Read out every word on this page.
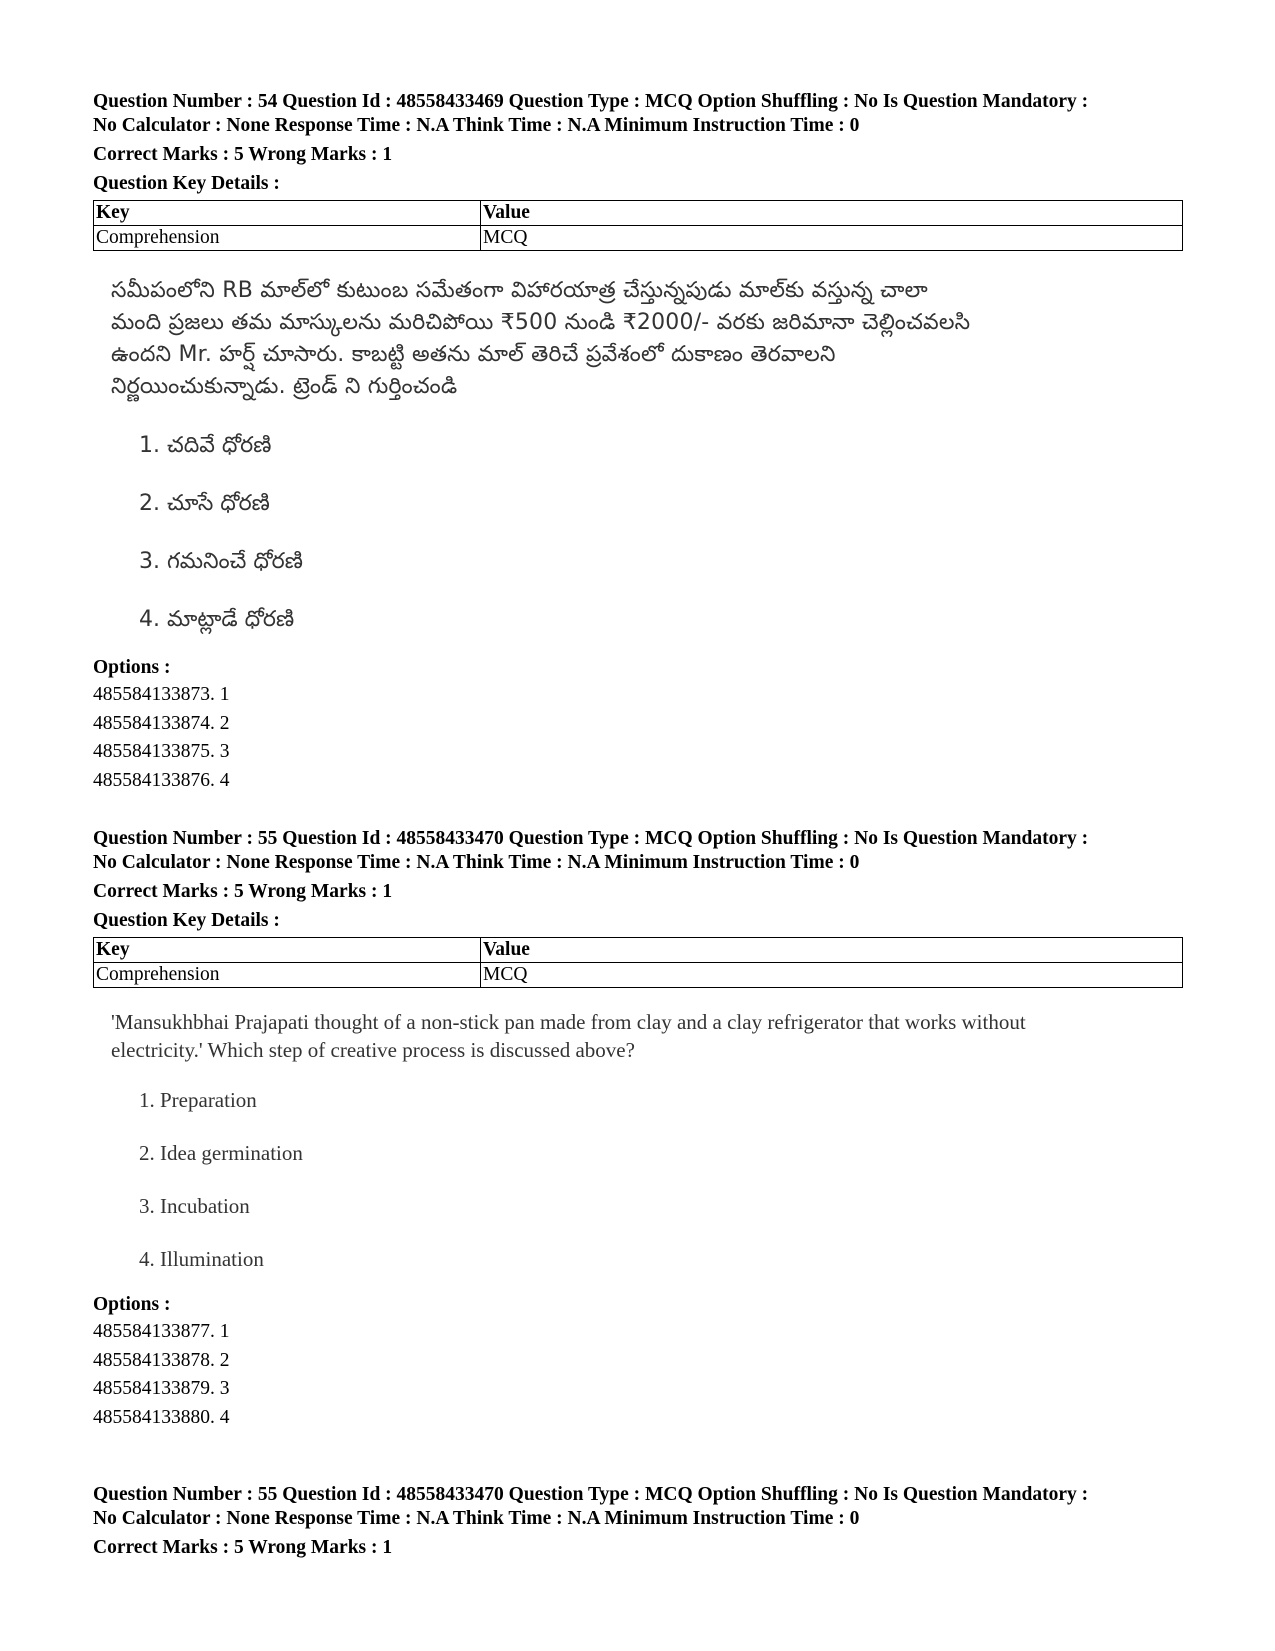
Question Number : 54 Question Id : 48558433469 Question Type : MCQ Option Shuffling : No Is Question Mandatory :
No Calculator : None Response Time : N.A Think Time : N.A Minimum Instruction Time : 0
Correct Marks : 5 Wrong Marks : 1
Question Key Details :
Key	Value
Comprehension	MCQ
సమీపంలోని RB మాల్‌లో కుటుంబ సమేతంగా విహారయాత్ర చేస్తున్నపుడు మాల్‌కు వస్తున్న చాలా
మంది ప్రజలు తమ మాస్కులను మరిచిపోయి ₹500 నుండి ₹2000/- వరకు జరిమానా చెల్లించవలసి
ఉందని Mr. హర్ష్ చూసారు. కాబట్టి అతను మాల్ తెరిచే ప్రవేశంలో దుకాణం తెరవాలని
నిర్ణయించుకున్నాడు. ట్రెండ్ ని గుర్తించండి
1. చదివే ధోరణి
2. చూసే ధోరణి
3. గమనించే ధోరణి
4. మాట్లాడే ధోరణి
Options :
485584133873. 1
485584133874. 2
485584133875. 3
485584133876. 4
Question Number : 55 Question Id : 48558433470 Question Type : MCQ Option Shuffling : No Is Question Mandatory :
No Calculator : None Response Time : N.A Think Time : N.A Minimum Instruction Time : 0
Correct Marks : 5 Wrong Marks : 1
Question Key Details :
Key	Value
Comprehension	MCQ
'Mansukhbhai Prajapati thought of a non-stick pan made from clay and a clay refrigerator that works without
electricity.' Which step of creative process is discussed above?
1. Preparation
2. Idea germination
3. Incubation
4. Illumination
Options :
485584133877. 1
485584133878. 2
485584133879. 3
485584133880. 4
Question Number : 55 Question Id : 48558433470 Question Type : MCQ Option Shuffling : No Is Question Mandatory :
No Calculator : None Response Time : N.A Think Time : N.A Minimum Instruction Time : 0
Correct Marks : 5 Wrong Marks : 1
